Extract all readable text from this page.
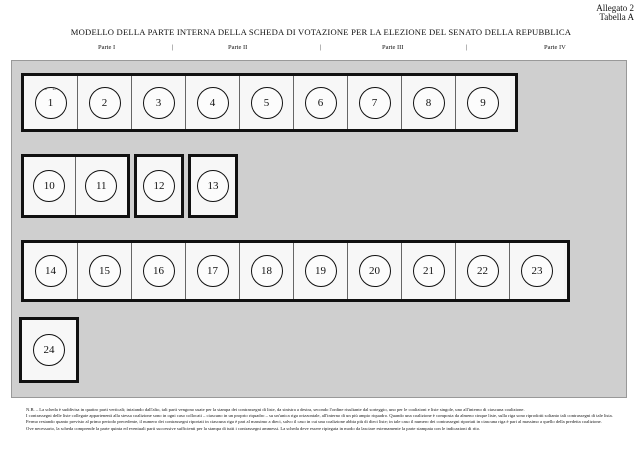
Allegato 2
Tabella A
MODELLO DELLA PARTE INTERNA DELLA SCHEDA DI VOTAZIONE PER LA ELEZIONE DEL SENATO DELLA REPUBBLICA
Parte I	|	Parte II	|	Parte III	|	Parte IV
→ ←
1	2	3	4	5	6	7	8	9
10	11	12	13
14	15	16	17	18	19	20	21	22	23
24

N.B. – La scheda è suddivisa in quattro parti verticali; iniziando dall'alto, tali parti vengono usate per la stampa dei contrassegni di liste, da sinistra a destra, secondo l'ordine risultante dal sorteggio, uno per le coalizioni e liste singole, uno all'interno di ciascuna coalizione.

I contrassegni delle liste collegate appartenenti alla stessa coalizione sono in ogni caso collocati – ciascuno in un proprio riquadro – su un'unica riga orizzontale, all'interno di un più ampio riquadro. Quando una coalizione è composta da almeno cinque liste, sulla riga sono riprodotti soltanto tali contrassegni di tale lista.

Fermo restando quanto previsto al primo periodo precedente, il numero dei contrassegni riportati in ciascuna riga è pari al massimo a dieci, salvo il caso in cui una coalizione abbia più di dieci liste; in tale caso il numero dei contrassegni riportati in ciascuna riga è pari al massimo a quello della predetta coalizione.

Ove necessario, la scheda comprende la parte quinta ed eventuali parti successive sufficienti per la stampa di tutti i contrassegni ammessi. La scheda deve essere ripiegata in modo da lasciare esternamente la parte stampata con le indicazioni di rito.
